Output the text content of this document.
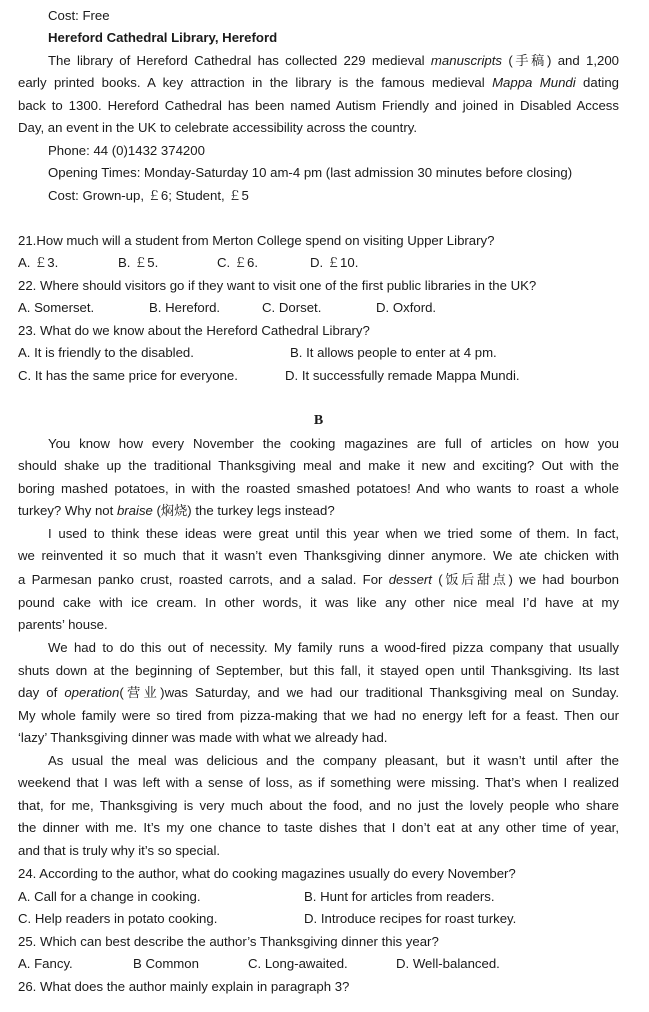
Cost: Free
Hereford Cathedral Library, Hereford
The library of Hereford Cathedral has collected 229 medieval manuscripts (手稿) and 1,200
early printed books. A key attraction in the library is the famous medieval Mappa Mundi dating
back to 1300. Hereford Cathedral has been named Autism Friendly and joined in Disabled Access
Day, an event in the UK to celebrate accessibility across the country.
Phone: 44 (0)1432 374200
Opening Times: Monday-Saturday 10 am-4 pm (last admission 30 minutes before closing)
Cost: Grown-up, ￡6; Student, ￡5
21.How much will a student from Merton College spend on visiting Upper Library?
A. ￡3.	B. ￡5.	C. ￡6.	D. ￡10.
22. Where should visitors go if they want to visit one of the first public libraries in the UK?
A. Somerset.	B. Hereford.	C. Dorset.	D. Oxford.
23. What do we know about the Hereford Cathedral Library?
A. It is friendly to the disabled.	B. It allows people to enter at 4 pm.
C. It has the same price for everyone.	D. It successfully remade Mappa Mundi.
B
You know how every November the cooking magazines are full of articles on how you
should shake up the traditional Thanksgiving meal and make it new and exciting? Out with the
boring mashed potatoes, in with the roasted smashed potatoes! And who wants to roast a whole
turkey? Why not braise (焖烧) the turkey legs instead?
I used to think these ideas were great until this year when we tried some of them. In fact,
we reinvented it so much that it wasn’t even Thanksgiving dinner anymore. We ate chicken with
a Parmesan panko crust, roasted carrots, and a salad. For dessert (饭后甜点) we had bourbon
pound cake with ice cream. In other words, it was like any other nice meal I’d have at my
parents’ house.
We had to do this out of necessity. My family runs a wood-fired pizza company that usually
shuts down at the beginning of September, but this fall, it stayed open until Thanksgiving. Its last
day of operation(营业)was Saturday, and we had our traditional Thanksgiving meal on Sunday.
My whole family were so tired from pizza-making that we had no energy left for a feast. Then our
‘lazy’ Thanksgiving dinner was made with what we already had.
As usual the meal was delicious and the company pleasant, but it wasn’t until after the
weekend that I was left with a sense of loss, as if something were missing. That’s when I realized
that, for me, Thanksgiving is very much about the food, and no just the lovely people who share
the dinner with me. It’s my one chance to taste dishes that I don’t eat at any other time of year,
and that is truly why it’s so special.
24. According to the author, what do cooking magazines usually do every November?
A. Call for a change in cooking.	B. Hunt for articles from readers.
C. Help readers in potato cooking.	D. Introduce recipes for roast turkey.
25. Which can best describe the author’s Thanksgiving dinner this year?
A. Fancy.	B Common	C. Long-awaited.	D. Well-balanced.
26. What does the author mainly explain in paragraph 3?
